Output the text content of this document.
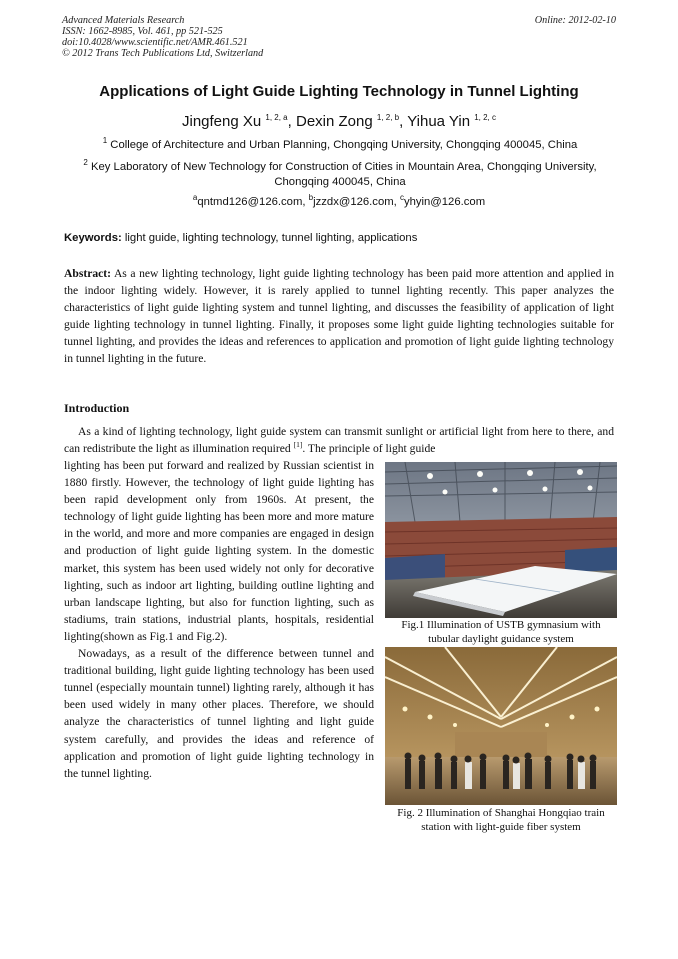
Advanced Materials Research
ISSN: 1662-8985, Vol. 461, pp 521-525
doi:10.4028/www.scientific.net/AMR.461.521
© 2012 Trans Tech Publications Ltd, Switzerland
Online: 2012-02-10
Applications of Light Guide Lighting Technology in Tunnel Lighting
Jingfeng Xu $^{1, 2, a}$, Dexin Zong $^{1, 2, b}$, Yihua Yin $^{1, 2, c}$
$^1$ College of Architecture and Urban Planning, Chongqing University, Chongqing 400045, China
$^2$ Key Laboratory of New Technology for Construction of Cities in Mountain Area, Chongqing University, Chongqing 400045, China
$^a$qntmd126@126.com, $^b$jzzdx@126.com, $^c$yhyin@126.com
Keywords: light guide, lighting technology, tunnel lighting, applications
Abstract: As a new lighting technology, light guide lighting technology has been paid more attention and applied in the indoor lighting widely. However, it is rarely applied to tunnel lighting recently. This paper analyzes the characteristics of light guide lighting system and tunnel lighting, and discusses the feasibility of application of light guide lighting technology in tunnel lighting. Finally, it proposes some light guide lighting technologies suitable for tunnel lighting, and provides the ideas and references to application and promotion of light guide lighting technology in tunnel lighting in the future.
Introduction
As a kind of lighting technology, light guide system can transmit sunlight or artificial light from here to there, and can redistribute the light as illumination required [1]. The principle of light guide

lighting has been put forward and realized by Russian scientist in 1880 firstly. However, the technology of light guide lighting has been rapid development only from 1960s. At present, the technology of light guide lighting has been more and more mature in the world, and more and more companies are engaged in design and production of light guide lighting system. In the domestic market, this system has been used widely not only for decorative lighting, such as indoor art lighting, building outline lighting and urban landscape lighting, but also for function lighting, such as stadiums, train stations, industrial plants, hospitals, residential lighting(shown as Fig.1 and Fig.2).

Nowadays, as a result of the difference between tunnel and traditional building, light guide lighting technology has been used tunnel (especially mountain tunnel) lighting rarely, although it has been used widely in many other places. Therefore, we should analyze the characteristics of tunnel lighting and light guide system carefully, and provides the ideas and reference of application and promotion of light guide lighting technology in the tunnel lighting.

Fig.1 Illumination of USTB gymnasium with
tubular daylight guidance system
Fig. 2 Illumination of Shanghai Hongqiao train
station with light-guide fiber system
